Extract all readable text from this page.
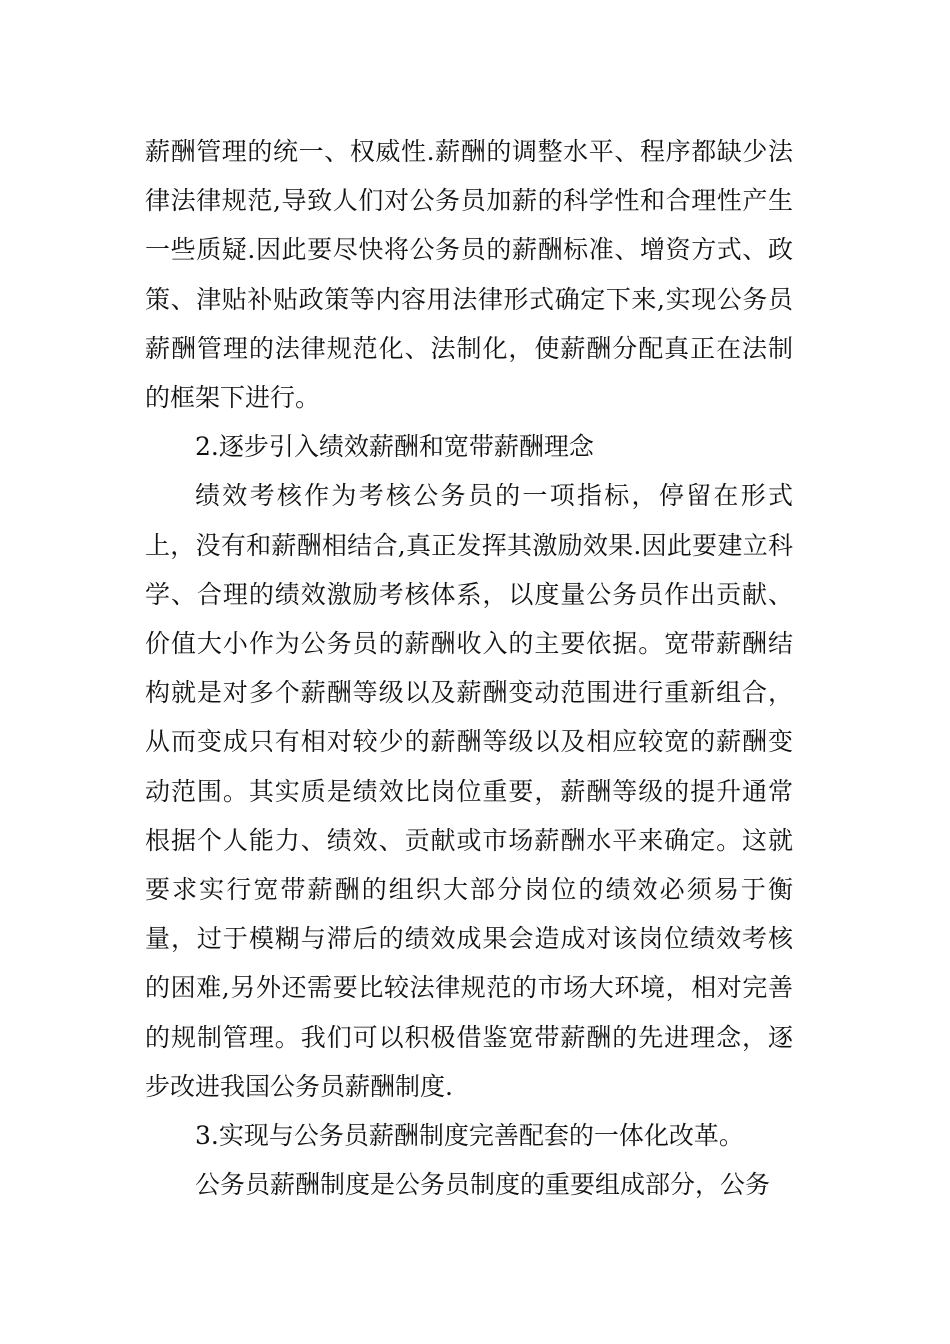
薪酬管理的统一、权威性.薪酬的调整水平、程序都缺少法律法律规范,导致人们对公务员加薪的科学性和合理性产生一些质疑.因此要尽快将公务员的薪酬标准、增资方式、政策、津贴补贴政策等内容用法律形式确定下来,实现公务员薪酬管理的法律规范化、法制化，使薪酬分配真正在法制的框架下进行。

2.逐步引入绩效薪酬和宽带薪酬理念

绩效考核作为考核公务员的一项指标，停留在形式上，没有和薪酬相结合,真正发挥其激励效果.因此要建立科学、合理的绩效激励考核体系，以度量公务员作出贡献、价值大小作为公务员的薪酬收入的主要依据。宽带薪酬结构就是对多个薪酬等级以及薪酬变动范围进行重新组合，从而变成只有相对较少的薪酬等级以及相应较宽的薪酬变动范围。其实质是绩效比岗位重要，薪酬等级的提升通常根据个人能力、绩效、贡献或市场薪酬水平来确定。这就要求实行宽带薪酬的组织大部分岗位的绩效必须易于衡量，过于模糊与滞后的绩效成果会造成对该岗位绩效考核的困难,另外还需要比较法律规范的市场大环境，相对完善的规制管理。我们可以积极借鉴宽带薪酬的先进理念，逐步改进我国公务员薪酬制度.

3.实现与公务员薪酬制度完善配套的一体化改革。

公务员薪酬制度是公务员制度的重要组成部分，公务
